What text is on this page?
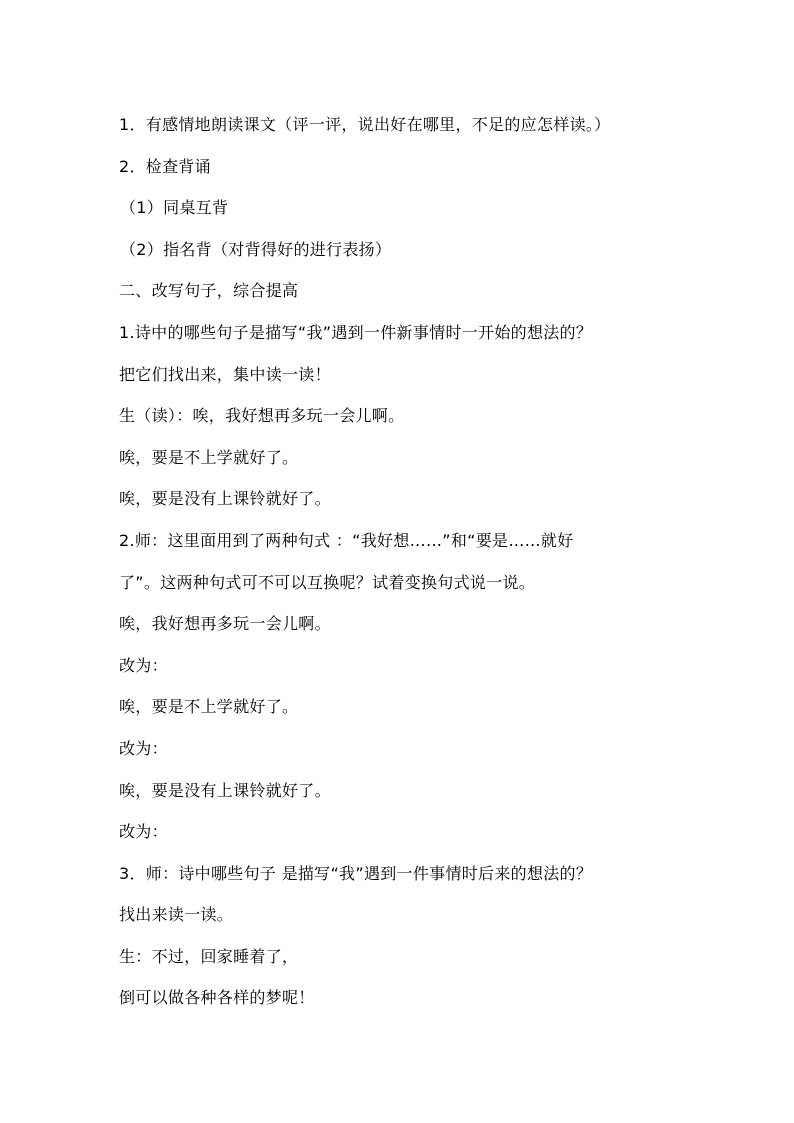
1．有感情地朗读课文（评一评，说出好在哪里，不足的应怎样读。）
2．检查背诵
（1）同桌互背
（2）指名背（对背得好的进行表扬）
二、改写句子，综合提高
1.诗中的哪些句子是描写“我”遇到一件新事情时一开始的想法的？
把它们找出来，集中读一读！
生（读）：唉，我好想再多玩一会儿啊。
唉，要是不上学就好了。
唉，要是没有上课铃就好了。
2.师：这里面用到了两种句式 ：“我好想……”和“要是……就好
了”。这两种句式可不可以互换呢？试着变换句式说一说。
唉，我好想再多玩一会儿啊。
改为：
唉，要是不上学就好了。
改为：
唉，要是没有上课铃就好了。
改为：
3．师：诗中哪些句子 是描写“我”遇到一件事情时后来的想法的？
找出来读一读。
生：不过，回家睡着了，
倒可以做各种各样的梦呢！
